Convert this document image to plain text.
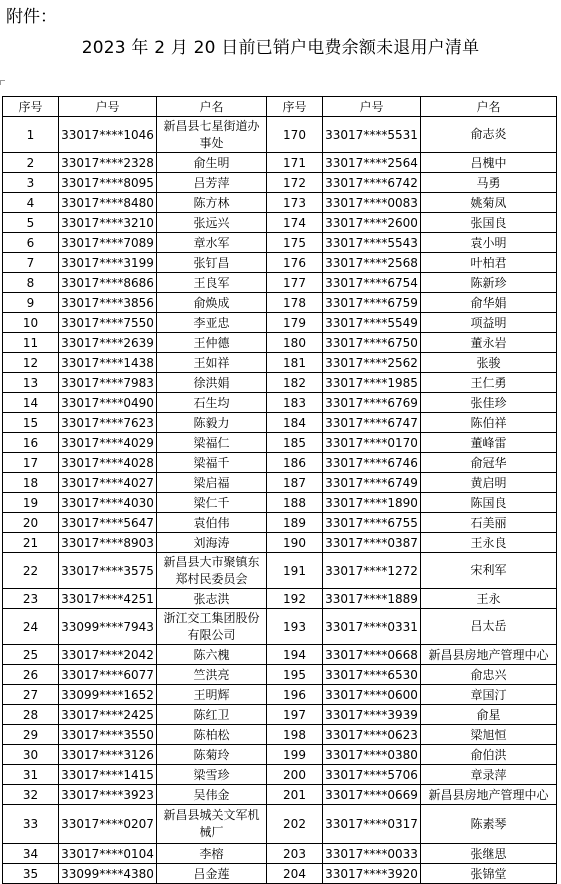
附件：
2023 年 2 月 20 日前已销户电费余额未退用户清单
序号	户号	户名	序号	户号	户名
1	33017****1046	新昌县七星街道办事处	170	33017****5531	俞志炎
2	33017****2328	俞生明	171	33017****2564	吕槐中
3	33017****8095	吕芳萍	172	33017****6742	马勇
4	33017****8480	陈方林	173	33017****0083	姚菊凤
5	33017****3210	张远兴	174	33017****2600	张国良
6	33017****7089	章水军	175	33017****5543	袁小明
7	33017****3199	张钉昌	176	33017****2568	叶柏君
8	33017****8686	王良军	177	33017****6754	陈新珍
9	33017****3856	俞焕成	178	33017****6759	俞华娟
10	33017****7550	李亚忠	179	33017****5549	项益明
11	33017****2639	王仲德	180	33017****6750	董永岩
12	33017****1438	王如祥	181	33017****2562	张骏
13	33017****7983	徐洪娟	182	33017****1985	王仁勇
14	33017****0490	石生均	183	33017****6769	张佳珍
15	33017****7623	陈毅力	184	33017****6747	陈伯祥
16	33017****4029	梁福仁	185	33017****0170	董峰雷
17	33017****4028	梁福千	186	33017****6746	俞冠华
18	33017****4027	梁启福	187	33017****6749	黄启明
19	33017****4030	梁仁千	188	33017****1890	陈国良
20	33017****5647	袁伯伟	189	33017****6755	石美丽
21	33017****8903	刘海涛	190	33017****0387	王永良
22	33017****3575	新昌县大市聚镇东郑村民委员会	191	33017****1272	宋利军
23	33017****4251	张志洪	192	33017****1889	王永
24	33099****7943	浙江交工集团股份有限公司	193	33017****0331	吕太岳
25	33017****2042	陈六槐	194	33017****0668	新昌县房地产管理中心
26	33017****6077	竺洪亮	195	33017****6530	俞忠兴
27	33099****1652	王明辉	196	33017****0600	章国汀
28	33017****2425	陈红卫	197	33017****3939	俞星
29	33017****3550	陈柏松	198	33017****0623	梁旭恒
30	33017****3126	陈菊玲	199	33017****0380	俞伯洪
31	33017****1415	梁雪珍	200	33017****5706	章录萍
32	33017****3923	吴伟金	201	33017****0669	新昌县房地产管理中心
33	33017****0207	新昌县城关文军机械厂	202	33017****0317	陈素琴
34	33017****0104	李榕	203	33017****0033	张继思
35	33099****4380	吕金莲	204	33017****3920	张锦堂
